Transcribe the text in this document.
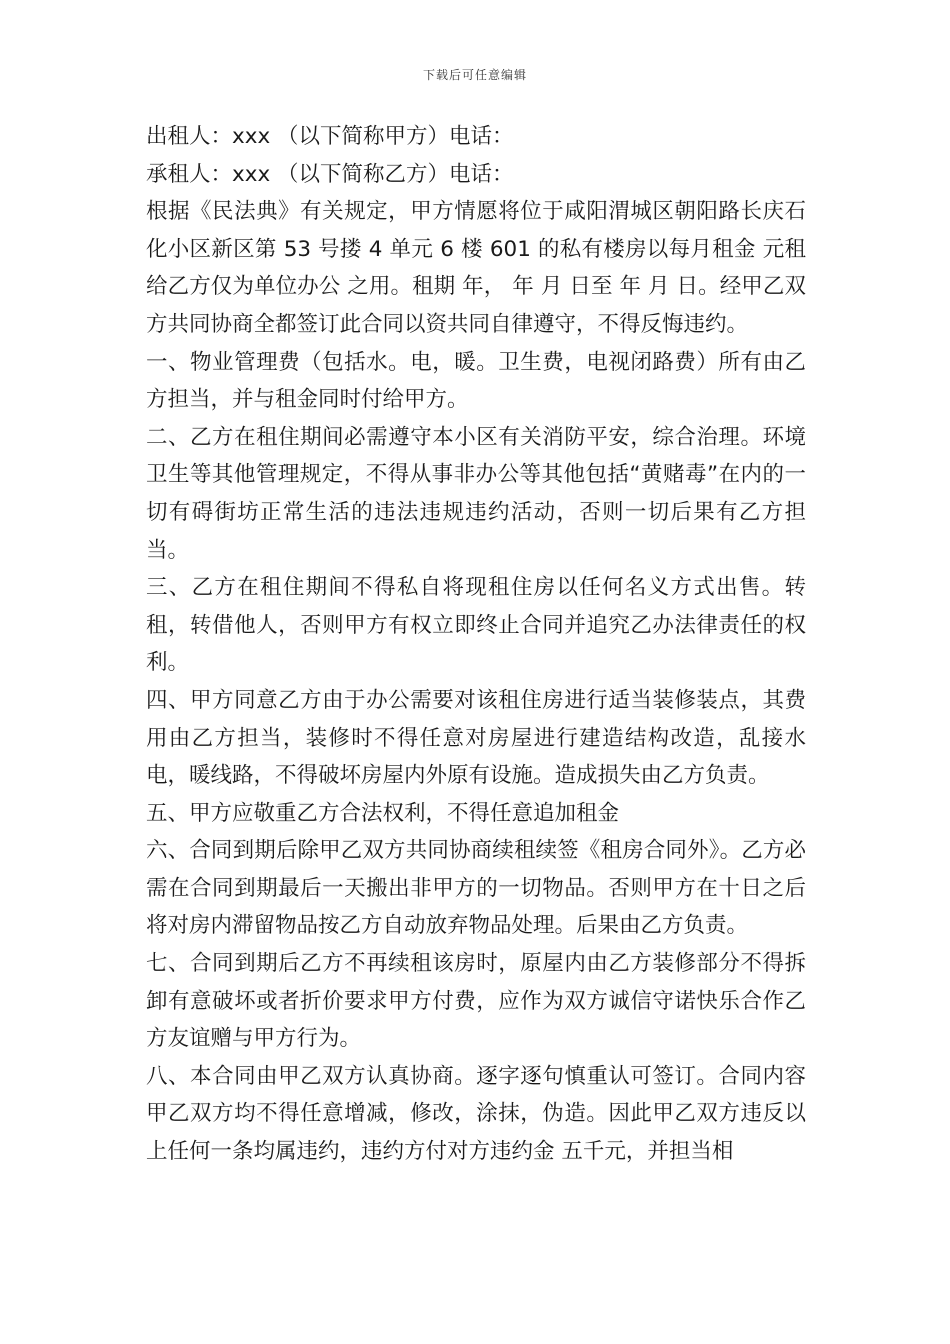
下载后可任意编辑

出租人：xxx （以下简称甲方）电话：

承租人：xxx （以下简称乙方）电话：

根据《民法典》有关规定，甲方情愿将位于咸阳渭城区朝阳路长庆石化小区新区第 53 号搂 4 单元 6 楼 601 的私有楼房以每月租金 元租给乙方仅为单位办公 之用。租期 年， 年 月 日至 年 月 日。经甲乙双方共同协商全都签订此合同以资共同自律遵守，不得反悔违约。

一、物业管理费（包括水。电，暖。卫生费，电视闭路费）所有由乙方担当，并与租金同时付给甲方。

二、乙方在租住期间必需遵守本小区有关消防平安，综合治理。环境卫生等其他管理规定，不得从事非办公等其他包括“黄赌毒”在内的一切有碍街坊正常生活的违法违规违约活动，否则一切后果有乙方担当。

三、乙方在租住期间不得私自将现租住房以任何名义方式出售。转租，转借他人，否则甲方有权立即终止合同并追究乙办法律责任的权利。

四、甲方同意乙方由于办公需要对该租住房进行适当装修装点，其费用由乙方担当，装修时不得任意对房屋进行建造结构改造，乱接水电，暖线路，不得破坏房屋内外原有设施。造成损失由乙方负责。

五、甲方应敬重乙方合法权利，不得任意追加租金

六、合同到期后除甲乙双方共同协商续租续签《租房合同外》。乙方必需在合同到期最后一天搬出非甲方的一切物品。否则甲方在十日之后将对房内滞留物品按乙方自动放弃物品处理。后果由乙方负责。

七、合同到期后乙方不再续租该房时，原屋内由乙方装修部分不得拆卸有意破坏或者折价要求甲方付费，应作为双方诚信守诺快乐合作乙方友谊赠与甲方行为。

八、本合同由甲乙双方认真协商。逐字逐句慎重认可签订。合同内容甲乙双方均不得任意增减，修改，涂抹，伪造。因此甲乙双方违反以上任何一条均属违约，违约方付对方违约金 五千元，并担当相
